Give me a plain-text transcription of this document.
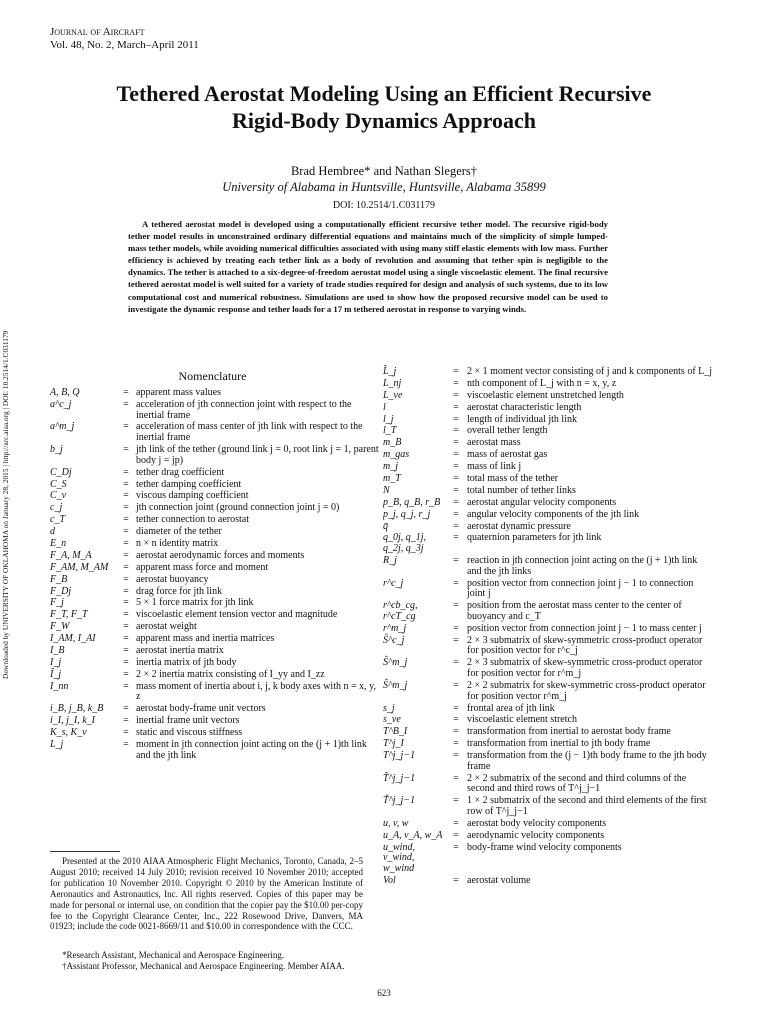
Journal of Aircraft
Vol. 48, No. 2, March–April 2011
Downloaded by UNIVERSITY OF OKLAHOMA on January 28, 2015 | http://arc.aiaa.org | DOI: 10.2514/1.C031179
Tethered Aerostat Modeling Using an Efficient Recursive
Rigid-Body Dynamics Approach
Brad Hembree* and Nathan Slegers†
University of Alabama in Huntsville, Huntsville, Alabama 35899
DOI: 10.2514/1.C031179
A tethered aerostat model is developed using a computationally efficient recursive tether model. The recursive rigid-body tether model results in unconstrained ordinary differential equations and maintains much of the simplicity of simple lumped-mass tether models, while avoiding numerical difficulties associated with using many stiff elastic elements with low mass. Further efficiency is achieved by treating each tether link as a body of revolution and assuming that tether spin is negligible to the dynamics. The tether is attached to a six-degree-of-freedom aerostat model using a single viscoelastic element. The final recursive tethered aerostat model is well suited for a variety of trade studies required for design and analysis of such systems, due to its low computational cost and numerical robustness. Simulations are used to show how the proposed recursive model can be used to investigate the dynamic response and tether loads for a 17 m tethered aerostat in response to varying winds.
Nomenclature
A, B, Q	= apparent mass values
a^c_j	= acceleration of jth connection joint with respect to the inertial frame
a^m_j	= acceleration of mass center of jth link with respect to the inertial frame
b_j	= jth link of the tether (ground link j = 0, root link j = 1, parent body j = jp)
C_Dj	= tether drag coefficient
C_S	= tether damping coefficient
C_v	= viscous damping coefficient
c_j	= jth connection joint (ground connection joint j = 0)
c_T	= tether connection to aerostat
d	= diameter of the tether
E_n	= n × n identity matrix
F_A, M_A	= aerostat aerodynamic forces and moments
F_AM, M_AM	= apparent mass force and moment
F_B	= aerostat buoyancy
F_Dj	= drag force for jth link
F_j	= 5 × 1 force matrix for jth link
F_T, F_T	= viscoelastic element tension vector and magnitude
F_W	= aerostat weight
I_AM, I_AI	= apparent mass and inertia matrices
I_B	= aerostat inertia matrix
I_j	= inertia matrix of jth body
Î_j	= 2 × 2 inertia matrix consisting of I_yy and I_zz
I_nn	= mass moment of inertia about i, j, k body axes with n = x, y, z
i_B, j_B, k_B	= aerostat body-frame unit vectors
i_I, j_I, k_I	= inertial frame unit vectors
K_s, K_v	= static and viscous stiffness
L_j	= moment in jth connection joint acting on the (j + 1)th link and the jth link
L̂_j	= 2 × 1 moment vector consisting of j and k components of L_j
L_nj	= nth component of L_j with n = x, y, z
L_ve	= viscoelastic element unstretched length
l	= aerostat characteristic length
l_j	= length of individual jth link
l_T	= overall tether length
m_B	= aerostat mass
m_gas	= mass of aerostat gas
m_j	= mass of link j
m_T	= total mass of the tether
N	= total number of tether links
p_B, q_B, r_B	= aerostat angular velocity components
p_j, q_j, r_j	= angular velocity components of the jth link
q̄	= aerostat dynamic pressure
q_0j, q_1j, q_2j, q_3j
= quaternion parameters for jth link
R_j	= reaction in jth connection joint acting on the (j + 1)th link and the jth links
r^c_j	= position vector from connection joint j − 1 to connection joint j
r^cb_cg, r^cT_cg
= position from the aerostat mass center to the center of buoyancy and c_T
r^m_j	= position vector from connection joint j − 1 to mass center j
Ŝ^c_j	= 2 × 3 submatrix of skew-symmetric cross-product operator for position vector for r^c_j
Ŝ^m_j	= 2 × 3 submatrix of skew-symmetric cross-product operator for position vector for r^m_j
Ŝ^m_j	= 2 × 2 submatrix for skew-symmetric cross-product operator for position vector r^m_j
s_j	= frontal area of jth link
s_ve	= viscoelastic element stretch
T^B_I	= transformation from inertial to aerostat body frame
T^j_I	= transformation from inertial to jth body frame
T^j_j−1	= transformation from the (j − 1)th body frame to the jth body frame
T̂^j_j−1	= 2 × 2 submatrix of the second and third columns of the second and third rows of T^j_j−1
T̃^j_j−1	= 1 × 2 submatrix of the second and third elements of the first row of T^j_j−1
u, v, w	= aerostat body velocity components
u_A, v_A, w_A	= aerodynamic velocity components
u_wind, v_wind, w_wind
= body-frame wind velocity components
Vol	= aerostat volume
Presented at the 2010 AIAA Atmospheric Flight Mechanics, Toronto, Canada, 2–5 August 2010; received 14 July 2010; revision received 10 November 2010; accepted for publication 10 November 2010. Copyright © 2010 by the American Institute of Aeronautics and Astronautics, Inc. All rights reserved. Copies of this paper may be made for personal or internal use, on condition that the copier pay the $10.00 per-copy fee to the Copyright Clearance Center, Inc., 222 Rosewood Drive, Danvers, MA 01923; include the code 0021-8669/11 and $10.00 in correspondence with the CCC.
*Research Assistant, Mechanical and Aerospace Engineering.
†Assistant Professor, Mechanical and Aerospace Engineering. Member AIAA.
623
